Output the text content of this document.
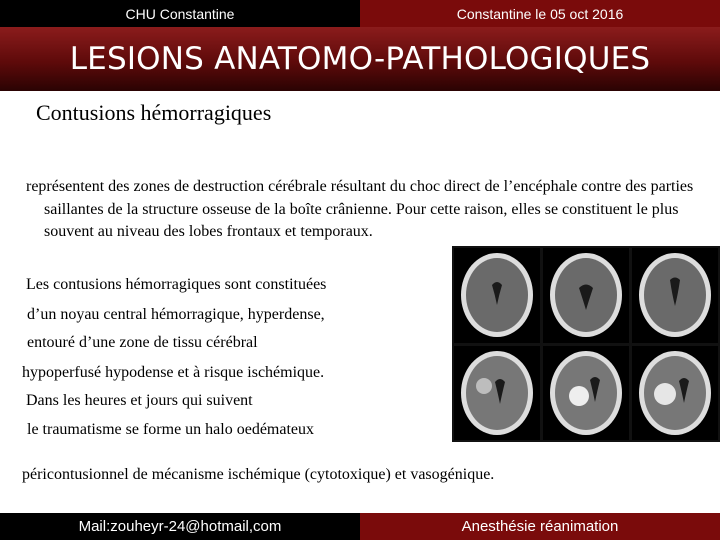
CHU Constantine	Constantine le 05 oct 2016
LESIONS ANATOMO-PATHOLOGIQUES
Contusions hémorragiques
représentent des zones de destruction cérébrale résultant du choc direct de l’encéphale contre des parties saillantes de la structure osseuse de la boîte crânienne. Pour cette raison, elles se constituent le plus souvent au niveau des lobes frontaux et temporaux.
Les contusions hémorragiques sont constituées
d’un noyau central hémorragique, hyperdense,
entouré d’une zone de tissu cérébral
hypoperfusé hypodense et à risque ischémique.
Dans les heures et jours qui suivent
le traumatisme se forme un halo oedémateux
péricontusionnel de mécanisme ischémique (cytotoxique) et vasogénique.
Mail:zouheyr-24@hotmail,com	Anesthésie réanimation
